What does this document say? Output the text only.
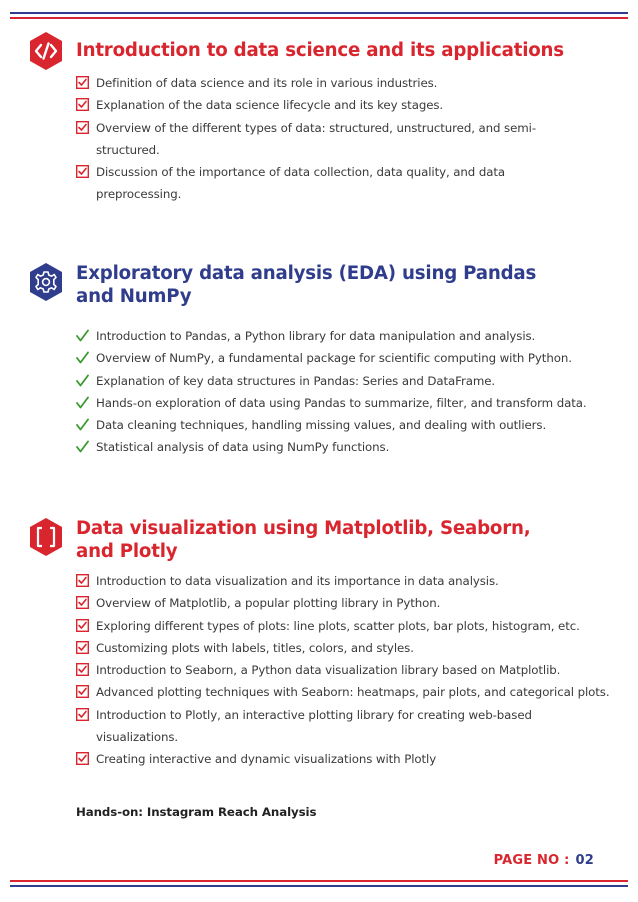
Introduction to data science and its applications
Definition of data science and its role in various industries.
Explanation of the data science lifecycle and its key stages.
Overview of the different types of data: structured, unstructured, and semi-structured.
Discussion of the importance of data collection, data quality, and data preprocessing.
Exploratory data analysis (EDA) using Pandas and NumPy
Introduction to Pandas, a Python library for data manipulation and analysis.
Overview of NumPy, a fundamental package for scientific computing with Python.
Explanation of key data structures in Pandas: Series and DataFrame.
Hands-on exploration of data using Pandas to summarize, filter, and transform data.
Data cleaning techniques, handling missing values, and dealing with outliers.
Statistical analysis of data using NumPy functions.
Data visualization using Matplotlib, Seaborn, and Plotly
Introduction to data visualization and its importance in data analysis.
Overview of Matplotlib, a popular plotting library in Python.
Exploring different types of plots: line plots, scatter plots, bar plots, histogram, etc.
Customizing plots with labels, titles, colors, and styles.
Introduction to Seaborn, a Python data visualization library based on Matplotlib.
Advanced plotting techniques with Seaborn: heatmaps, pair plots, and categorical plots.
Introduction to Plotly, an interactive plotting library for creating web-based visualizations.
Creating interactive and dynamic visualizations with Plotly
Hands-on: Instagram Reach Analysis
PAGE NO : 02
